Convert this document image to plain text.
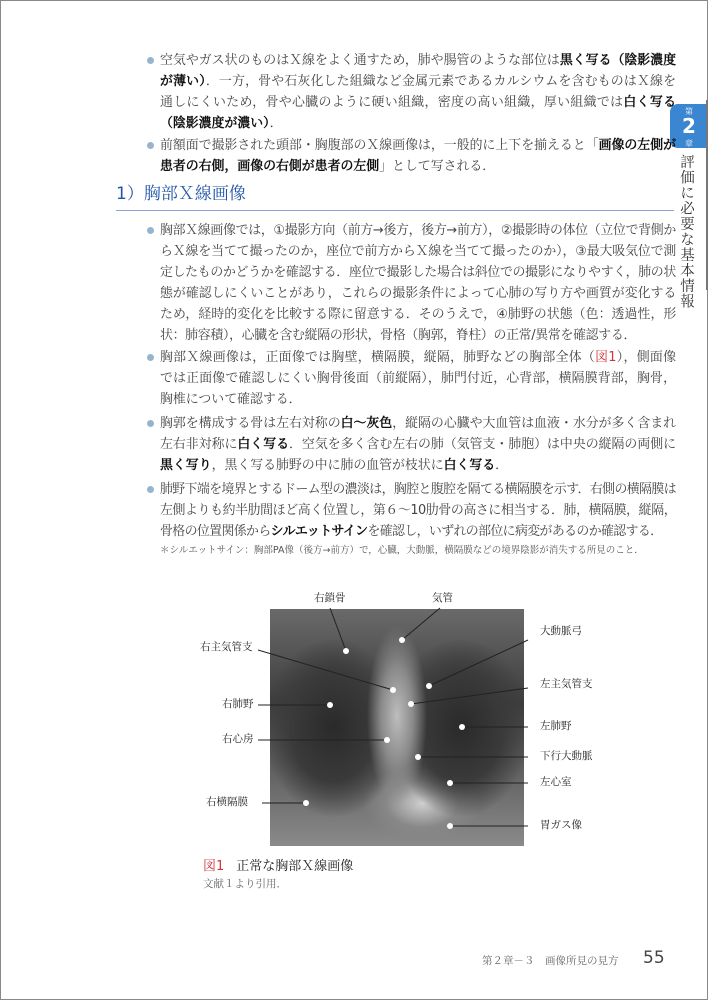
第
2
章
評価に必要な基本情報
空気やガス状のものはＸ線をよく通すため，肺や腸管のような部位は黒く写る（陰影濃度が薄い）．一方，骨や石灰化した組織など金属元素であるカルシウムを含むものはＸ線を通しにくいため，骨や心臓のように硬い組織，密度の高い組織，厚い組織では白く写る（陰影濃度が濃い）．
前額面で撮影された頭部・胸腹部のＸ線画像は，一般的に上下を揃えると「画像の左側が患者の右側，画像の右側が患者の左側」として写される．
1）胸部Ｘ線画像
胸部Ｘ線画像では，①撮影方向（前方→後方，後方→前方），②撮影時の体位（立位で背側からＸ線を当てて撮ったのか，座位で前方からＸ線を当てて撮ったのか），③最大吸気位で測定したものかどうかを確認する．座位で撮影した場合は斜位での撮影になりやすく，肺の状態が確認しにくいことがあり，これらの撮影条件によって心肺の写り方や画質が変化するため，経時的変化を比較する際に留意する．そのうえで，④肺野の状態（色：透過性，形状：肺容積），心臓を含む縦隔の形状，骨格（胸郭，脊柱）の正常/異常を確認する．
胸部Ｘ線画像は，正面像では胸壁，横隔膜，縦隔，肺野などの胸部全体（図1），側面像では正面像で確認しにくい胸骨後面（前縦隔），肺門付近，心背部，横隔膜背部，胸骨，胸椎について確認する．
胸郭を構成する骨は左右対称の白〜灰色，縦隔の心臓や大血管は血液・水分が多く含まれ左右非対称に白く写る．空気を多く含む左右の肺（気管支・肺胞）は中央の縦隔の両側に黒く写り，黒く写る肺野の中に肺の血管が枝状に白く写る．
肺野下端を境界とするドーム型の濃淡は，胸腔と腹腔を隔てる横隔膜を示す．右側の横隔膜は左側よりも約半肋間ほど高く位置し，第６〜10肋骨の高さに相当する．肺，横隔膜，縦隔，骨格の位置関係からシルエットサインを確認し，いずれの部位に病変があるのか確認する．
＊シルエットサイン：胸部PA像（後方→前方）で，心臓，大動脈，横隔膜などの境界陰影が消失する所見のこと．
右鎖骨	気管
大動脈弓
右主気管支
左主気管支
右肺野
左肺野
右心房
下行大動脈
左心室
右横隔膜
胃ガス像
図1 正常な胸部Ｘ線画像
文献１より引用．
第２章－３　画像所見の見方 55
